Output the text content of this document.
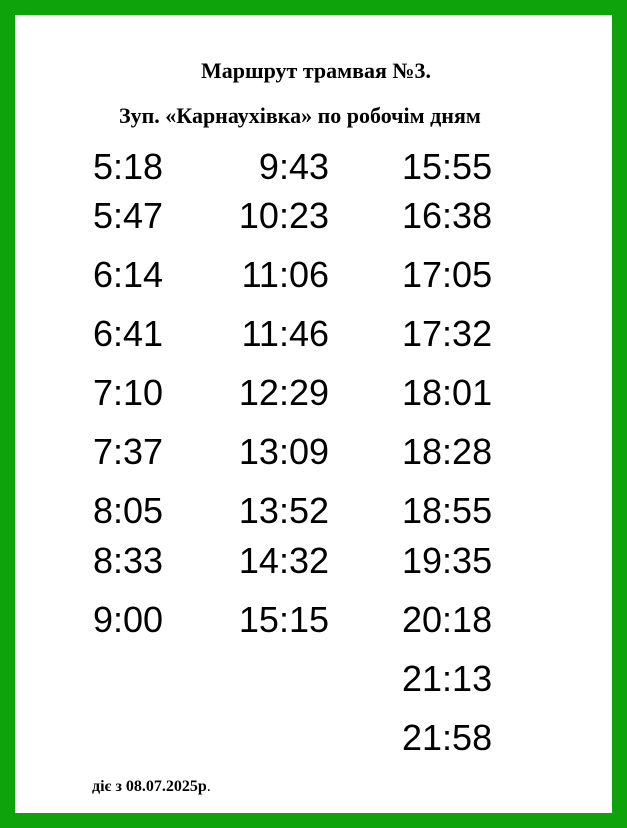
Маршрут трамвая №3.
Зуп. «Карнаухівка» по робочім дням
5:18
5:47
6:14
6:41
7:10
7:37
8:05
8:33
9:00
9:43
10:23
11:06
11:46
12:29
13:09
13:52
14:32
15:15
15:55
16:38
17:05
17:32
18:01
18:28
18:55
19:35
20:18
21:13
21:58
діє з 08.07.2025р.
